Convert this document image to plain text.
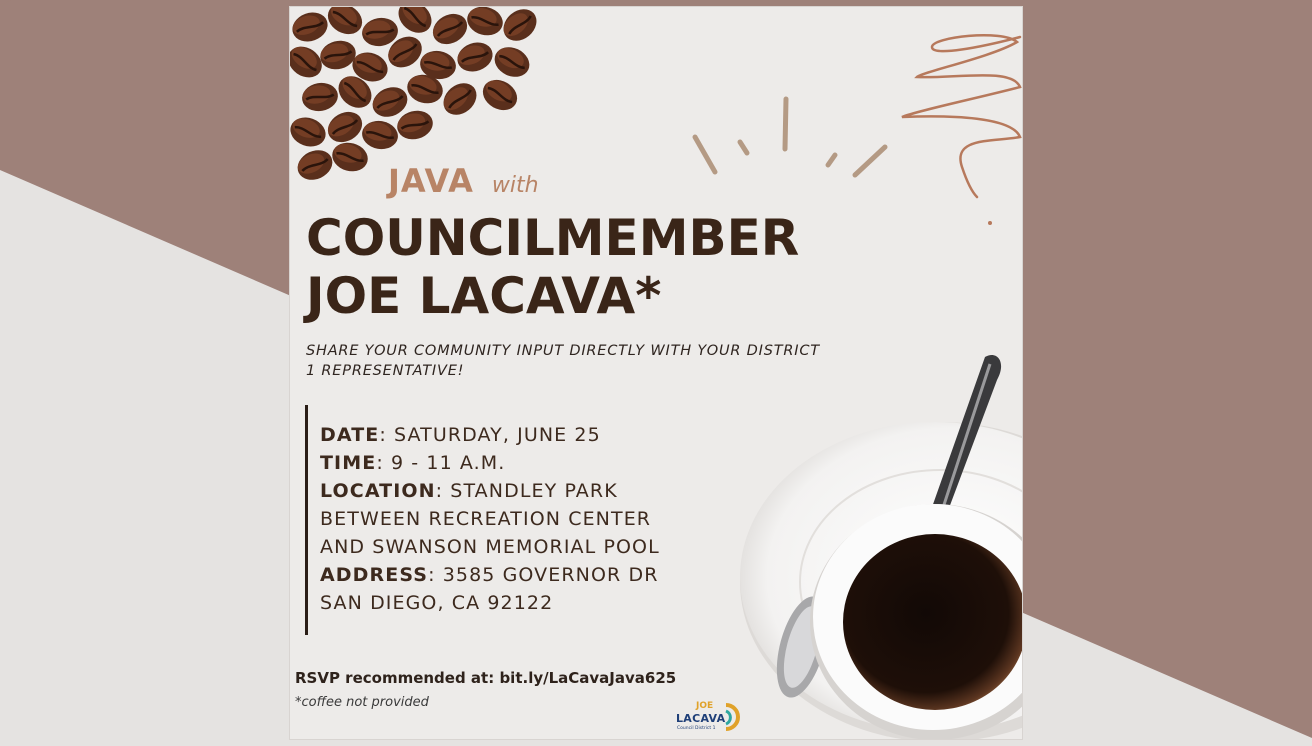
JAVA with
COUNCILMEMBER
JOE LACAVA*
SHARE YOUR COMMUNITY INPUT DIRECTLY WITH YOUR DISTRICT 1 REPRESENTATIVE!

DATE: SATURDAY, JUNE 25

TIME: 9 - 11 A.M.

LOCATION: STANDLEY PARK

BETWEEN RECREATION CENTER

AND SWANSON MEMORIAL POOL

ADDRESS: 3585 GOVERNOR DR

SAN DIEGO, CA 92122

RSVP recommended at: bit.ly/LaCavaJava625
*coffee not provided	JOE
LACAVA
Council District 1
